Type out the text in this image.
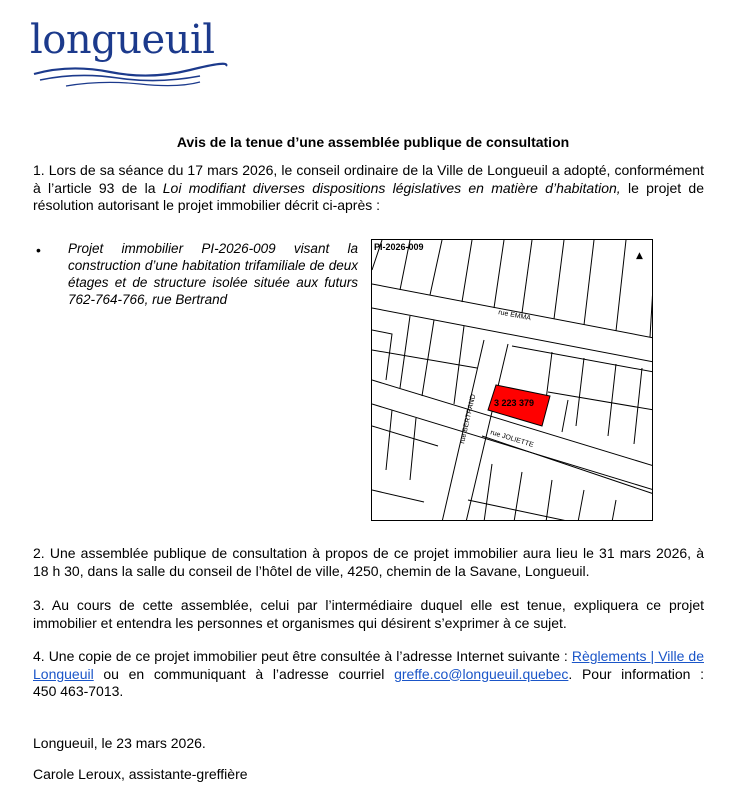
longueuil
Avis de la tenue d’une assemblée publique de consultation
1. Lors de sa séance du 17 mars 2026, le conseil ordinaire de la Ville de Longueuil a adopté, conformément à l’article 93 de la Loi modifiant diverses dispositions législatives en matière d’habitation, le projet de résolution autorisant le projet immobilier décrit ci-après :
• Projet immobilier PI-2026-009 visant la construction d’une habitation trifamiliale de deux étages et de structure isolée située aux futurs 762-764-766, rue Bertrand
PI-2026-009
▲
3 223 379
rue EMMA
rue JOLIETTE
rue BERTRAND
2. Une assemblée publique de consultation à propos de ce projet immobilier aura lieu le 31 mars 2026, à 18 h 30, dans la salle du conseil de l’hôtel de ville, 4250, chemin de la Savane, Longueuil.
3. Au cours de cette assemblée, celui par l’intermédiaire duquel elle est tenue, expliquera ce projet immobilier et entendra les personnes et organismes qui désirent s’exprimer à ce sujet.
4. Une copie de ce projet immobilier peut être consultée à l’adresse Internet suivante : Règlements | Ville de Longueuil ou en communiquant à l’adresse courriel greffe.co@longueuil.quebec. Pour information : 450 463-7013.
Longueuil, le 23 mars 2026.
Carole Leroux, assistante-greffière
